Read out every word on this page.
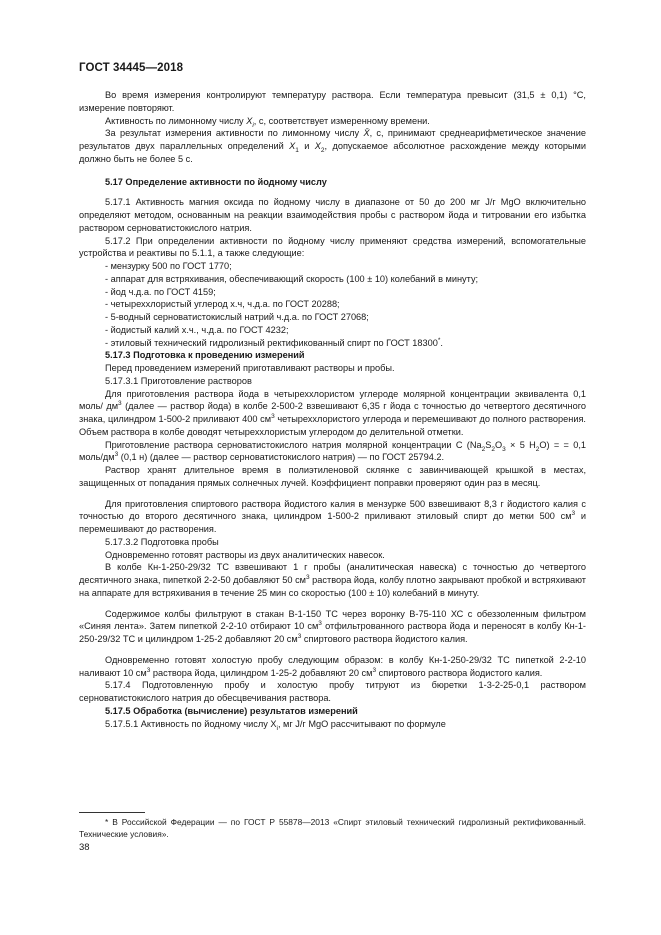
ГОСТ 34445—2018

Во время измерения контролируют температуру раствора. Если температура превысит (31,5 ± 0,1) °С, измерение повторяют.

Активность по лимонному числу $X_i$, с, соответствует измеренному времени.

За результат измерения активности по лимонному числу X̄, с, принимают среднеарифметическое значение результатов двух параллельных определений $X_1$ и $X_2$, допускаемое абсолютное расхождение между которыми должно быть не более 5 с.

5.17 Определение активности по йодному числу

5.17.1 Активность магния оксида по йодному числу в диапазоне от 50 до 200 мг J/г MgO включительно определяют методом, основанным на реакции взаимодействия пробы с раствором йода и титровании его избытка раствором серноватистокислого натрия.

5.17.2 При определении активности по йодному числу применяют средства измерений, вспомогательные устройства и реактивы по 5.1.1, а также следующие:

- мензурку 500 по ГОСТ 1770;

- аппарат для встряхивания, обеспечивающий скорость (100 ± 10) колебаний в минуту;

- йод ч.д.а. по ГОСТ 4159;

- четыреххлористый углерод х.ч, ч.д.а. по ГОСТ 20288;

- 5-водный серноватистокислый натрий ч.д.а. по ГОСТ 27068;

- йодистый калий х.ч., ч.д.а. по ГОСТ 4232;

- этиловый технический гидролизный ректификованный спирт по ГОСТ 18300*.

5.17.3 Подготовка к проведению измерений

Перед проведением измерений приготавливают растворы и пробы.

5.17.3.1 Приготовление растворов

Для приготовления раствора йода в четыреххлористом углероде молярной концентрации эквивалента 0,1 моль/ $дм^3$ (далее — раствор йода) в колбе 2-500-2 взвешивают 6,35 г йода с точностью до четвертого десятичного знака, цилиндром 1-500-2 приливают 400 $см^3$ четыреххлористого углерода и перемешивают до полного растворения. Объем раствора в колбе доводят четыреххлористым углеродом до делительной отметки.

Приготовление раствора серноватистокислого натрия молярной концентрации С ($Na_2S_2O_3 \times 5$ $H_2O$) = = 0,1 моль/$дм^3$ (0,1 н) (далее — раствор серноватистокислого натрия) — по ГОСТ 25794.2.

Раствор хранят длительное время в полиэтиленовой склянке с завинчивающей крышкой в местах, защищенных от попадания прямых солнечных лучей. Коэффициент поправки проверяют один раз в месяц.

Для приготовления спиртового раствора йодистого калия в мензурке 500 взвешивают 8,3 г йодистого калия с точностью до второго десятичного знака, цилиндром 1-500-2 приливают этиловый спирт до метки 500 $см^3$ и перемешивают до растворения.

5.17.3.2 Подготовка пробы

Одновременно готовят растворы из двух аналитических навесок.

В колбе Кн-1-250-29/32 ТС взвешивают 1 г пробы (аналитическая навеска) с точностью до четвертого десятичного знака, пипеткой 2-2-50 добавляют 50 $см^3$ раствора йода, колбу плотно закрывают пробкой и встряхивают на аппарате для встряхивания в течение 25 мин со скоростью (100 ± 10) колебаний в минуту.

Содержимое колбы фильтруют в стакан В-1-150 ТС через воронку В-75-110 ХС с обеззоленным фильтром «Синяя лента». Затем пипеткой 2-2-10 отбирают 10 $см^3$ отфильтрованного раствора йода и переносят в колбу Кн-1-250-29/32 ТС и цилиндром 1-25-2 добавляют 20 $см^3$ спиртового раствора йодистого калия.

Одновременно готовят холостую пробу следующим образом: в колбу Кн-1-250-29/32 ТС пипеткой 2-2-10 наливают 10 $см^3$ раствора йода, цилиндром 1-25-2 добавляют 20 $см^3$ спиртового раствора йодистого калия.

5.17.4 Подготовленную пробу и холостую пробу титруют из бюретки 1-3-2-25-0,1 раствором серноватистокислого натрия до обесцвечивания раствора.

5.17.5 Обработка (вычисление) результатов измерений

5.17.5.1 Активность по йодному числу $X_i$, мг J/г MgO рассчитывают по формуле

* В Российской Федерации — по ГОСТ Р 55878—2013 «Спирт этиловый технический гидролизный ректификованный. Технические условия».
38
